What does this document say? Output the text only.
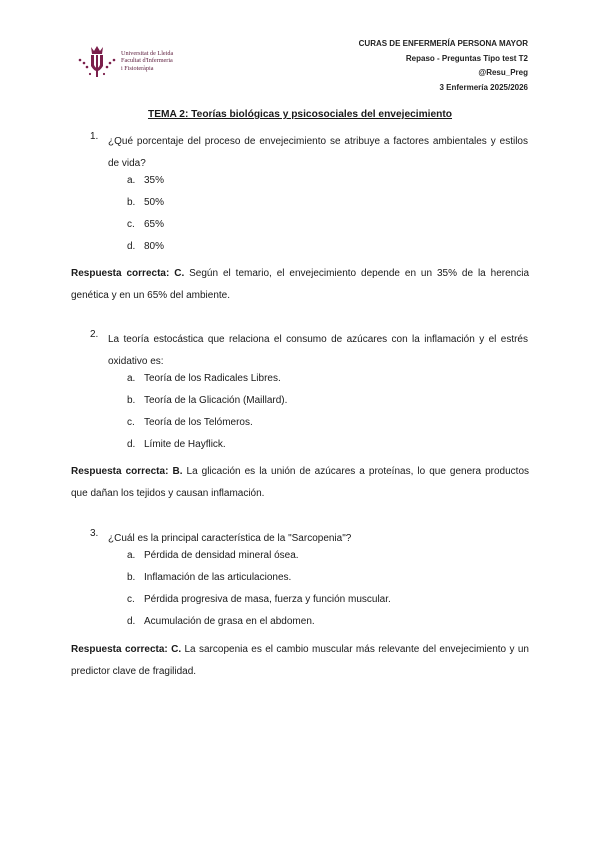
Universitat de Lleida
Facultat d'Infermeria
i Fisioteràpia
CURAS DE ENFERMERÍA PERSONA MAYOR
Repaso - Preguntas Tipo test T2
@Resu_Preg
3 Enfermería 2025/2026
TEMA 2: Teorías biológicas y psicosociales del envejecimiento
1. ¿Qué porcentaje del proceso de envejecimiento se atribuye a factores ambientales y estilos de vida?
a. 35%
b. 50%
c. 65%
d. 80%
Respuesta correcta: C. Según el temario, el envejecimiento depende en un 35% de la herencia genética y en un 65% del ambiente.
2. La teoría estocástica que relaciona el consumo de azúcares con la inflamación y el estrés oxidativo es:
a. Teoría de los Radicales Libres.
b. Teoría de la Glicación (Maillard).
c. Teoría de los Telómeros.
d. Límite de Hayflick.
Respuesta correcta: B. La glicación es la unión de azúcares a proteínas, lo que genera productos que dañan los tejidos y causan inflamación.
3. ¿Cuál es la principal característica de la "Sarcopenia"?
a. Pérdida de densidad mineral ósea.
b. Inflamación de las articulaciones.
c. Pérdida progresiva de masa, fuerza y función muscular.
d. Acumulación de grasa en el abdomen.
Respuesta correcta: C. La sarcopenia es el cambio muscular más relevante del envejecimiento y un predictor clave de fragilidad.
